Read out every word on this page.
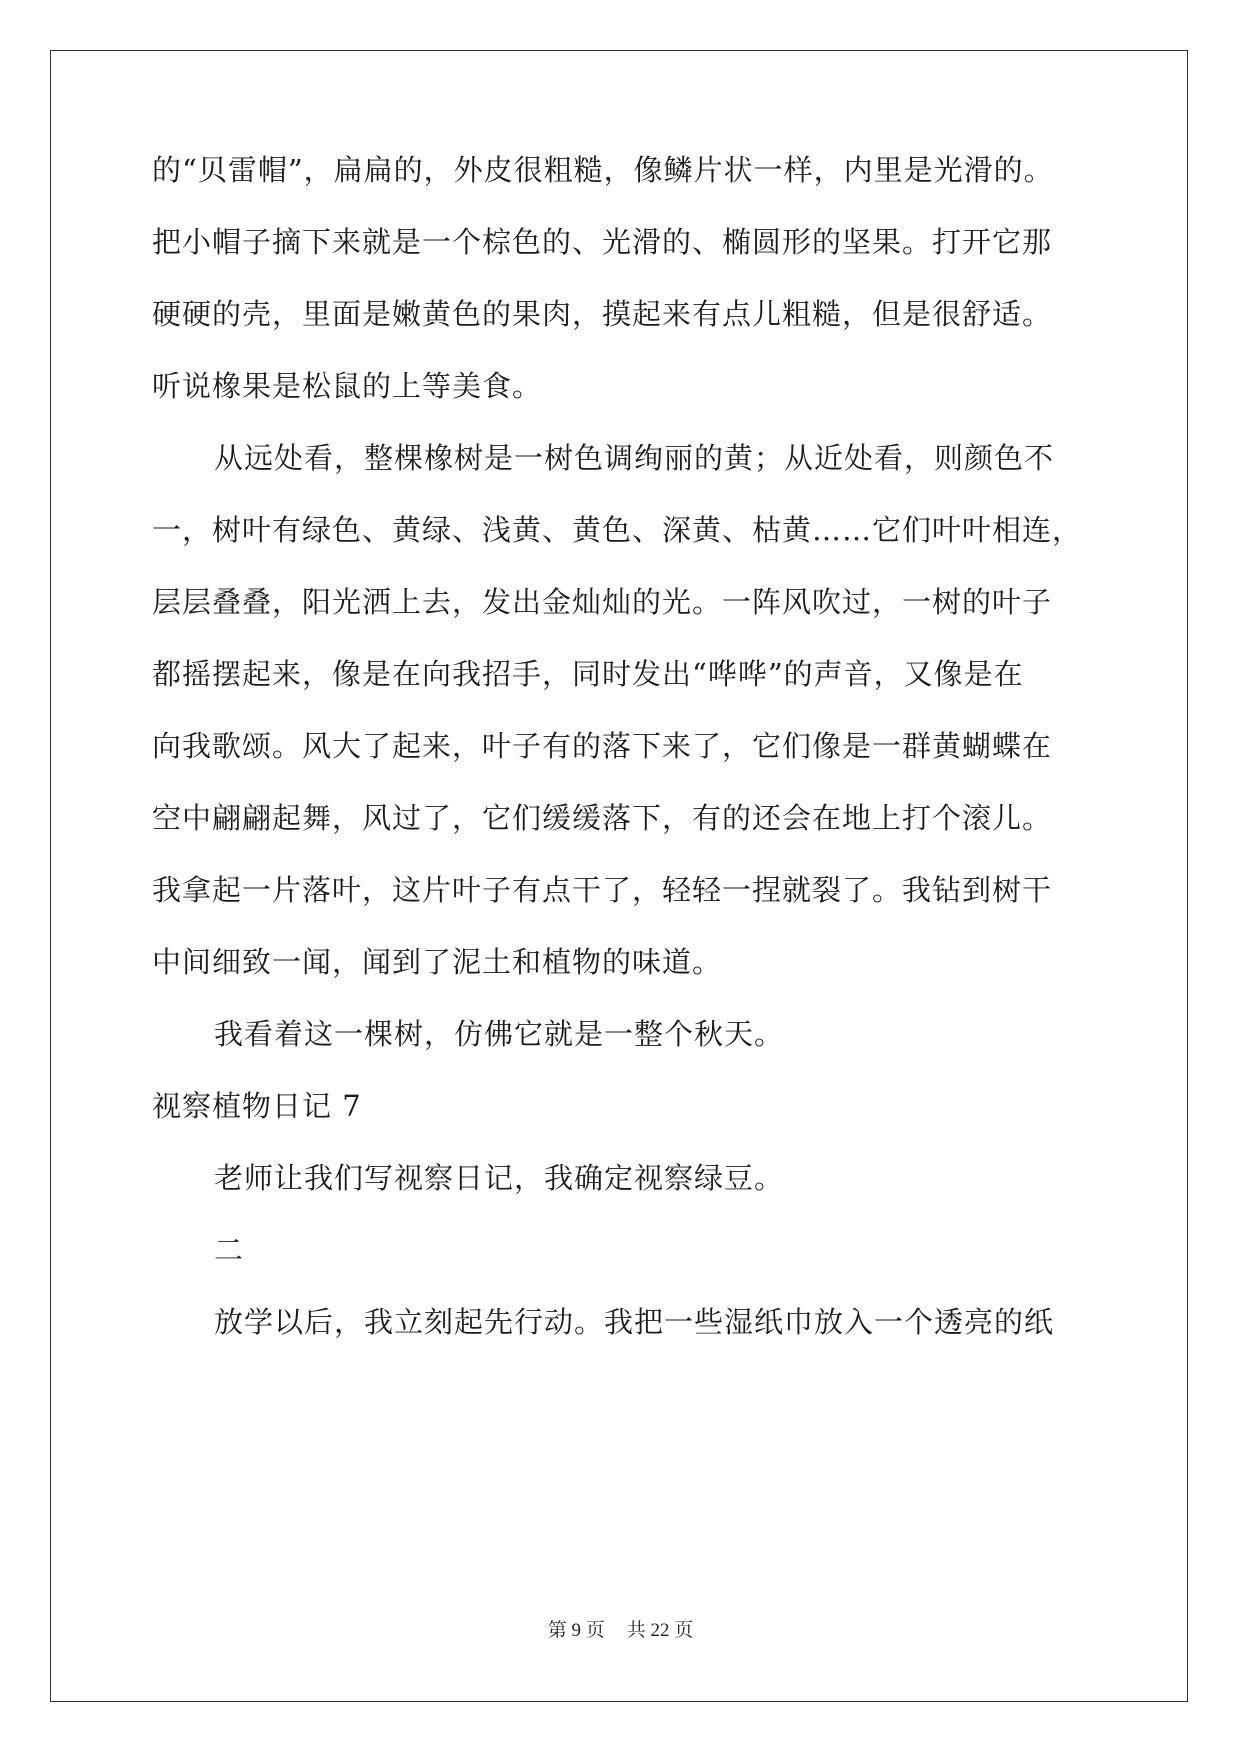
的“贝雷帽”，扁扁的，外皮很粗糙，像鳞片状一样，内里是光滑的。
把小帽子摘下来就是一个棕色的、光滑的、椭圆形的坚果。打开它那
硬硬的壳，里面是嫩黄色的果肉，摸起来有点儿粗糙，但是很舒适。
听说橡果是松鼠的上等美食。
从远处看，整棵橡树是一树色调绚丽的黄；从近处看，则颜色不
一，树叶有绿色、黄绿、浅黄、黄色、深黄、枯黄……它们叶叶相连，
层层叠叠，阳光洒上去，发出金灿灿的光。一阵风吹过，一树的叶子
都摇摆起来，像是在向我招手，同时发出“哗哗”的声音，又像是在
向我歌颂。风大了起来，叶子有的落下来了，它们像是一群黄蝴蝶在
空中翩翩起舞，风过了，它们缓缓落下，有的还会在地上打个滚儿。
我拿起一片落叶，这片叶子有点干了，轻轻一捏就裂了。我钻到树干
中间细致一闻，闻到了泥土和植物的味道。
我看着这一棵树，仿佛它就是一整个秋天。
视察植物日记 7
老师让我们写视察日记，我确定视察绿豆。
二
放学以后，我立刻起先行动。我把一些湿纸巾放入一个透亮的纸
第 9 页 共 22 页
